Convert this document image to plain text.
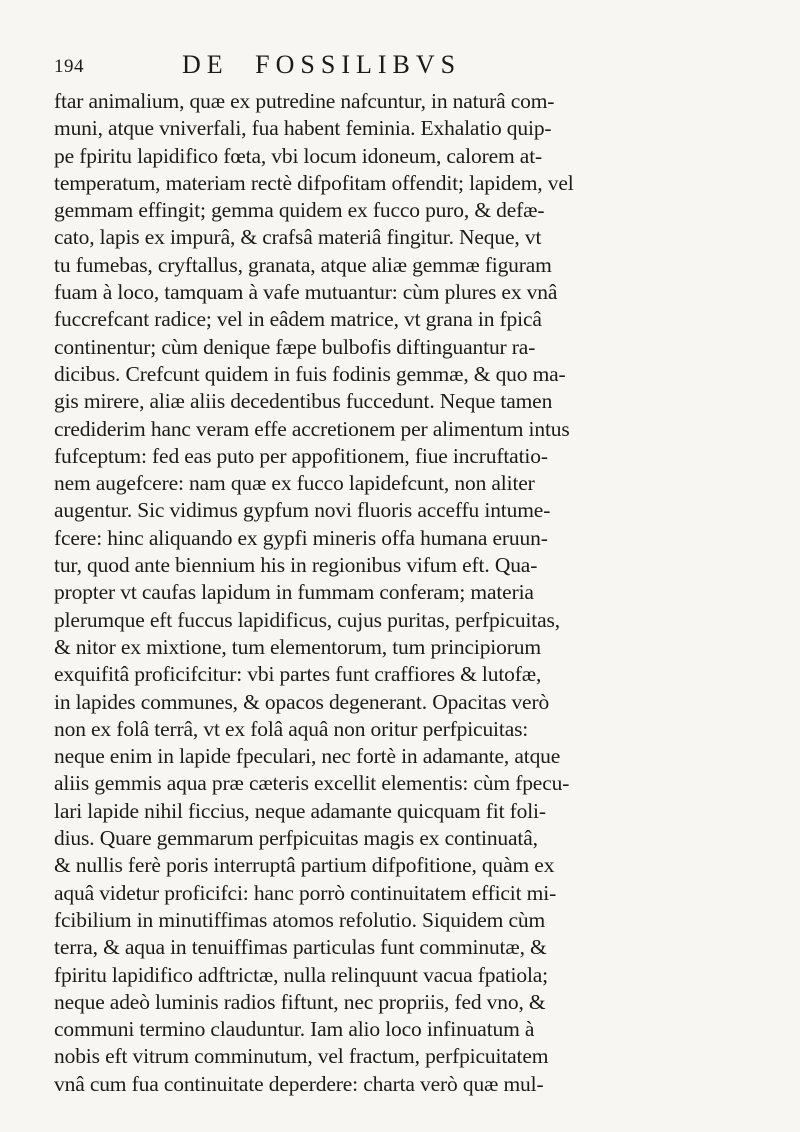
194	DE FOSSILIBVS
ftar animalium, quæ ex putredine nafcuntur, in naturâ com-
muni, atque vniverfali, fua habent feminia. Exhalatio quip-
pe fpiritu lapidifico fœta, vbi locum idoneum, calorem at-
temperatum, materiam rectè difpofitam offendit; lapidem, vel
gemmam effingit; gemma quidem ex fucco puro, & defæ-
cato, lapis ex impurâ, & crafsâ materiâ fingitur. Neque, vt
tu fumebas, cryftallus, granata, atque aliæ gemmæ figuram
fuam à loco, tamquam à vafe mutuantur: cùm plures ex vnâ
fuccrefcant radice; vel in eâdem matrice, vt grana in fpicâ
continentur; cùm denique fæpe bulbofis diftinguantur ra-
dicibus. Crefcunt quidem in fuis fodinis gemmæ, & quo ma-
gis mirere, aliæ aliis decedentibus fuccedunt. Neque tamen
crediderim hanc veram effe accretionem per alimentum intus
fufceptum: fed eas puto per appofitionem, fiue incruftatio-
nem augefcere: nam quæ ex fucco lapidefcunt, non aliter
augentur. Sic vidimus gypfum novi fluoris acceffu intume-
fcere: hinc aliquando ex gypfi mineris offa humana eruun-
tur, quod ante biennium his in regionibus vifum eft. Qua-
propter vt caufas lapidum in fummam conferam; materia
plerumque eft fuccus lapidificus, cujus puritas, perfpicuitas,
& nitor ex mixtione, tum elementorum, tum principiorum
exquifitâ proficifcitur: vbi partes funt craffiores & lutofæ,
in lapides communes, & opacos degenerant. Opacitas verò
non ex folâ terrâ, vt ex folâ aquâ non oritur perfpicuitas:
neque enim in lapide fpeculari, nec fortè in adamante, atque
aliis gemmis aqua præ cæteris excellit elementis: cùm fpecu-
lari lapide nihil ficcius, neque adamante quicquam fit foli-
dius. Quare gemmarum perfpicuitas magis ex continuatâ,
& nullis ferè poris interruptâ partium difpofitione, quàm ex
aquâ videtur proficifci: hanc porrò continuitatem efficit mi-
fcibilium in minutiffimas atomos refolutio. Siquidem cùm
terra, & aqua in tenuiffimas particulas funt comminutæ, &
fpiritu lapidifico adftrictæ, nulla relinquunt vacua fpatiola;
neque adeò luminis radios fiftunt, nec propriis, fed vno, &
communi termino clauduntur. Iam alio loco infinuatum à
nobis eft vitrum comminutum, vel fractum, perfpicuitatem
vnâ cum fua continuitate deperdere: charta verò quæ mul-
